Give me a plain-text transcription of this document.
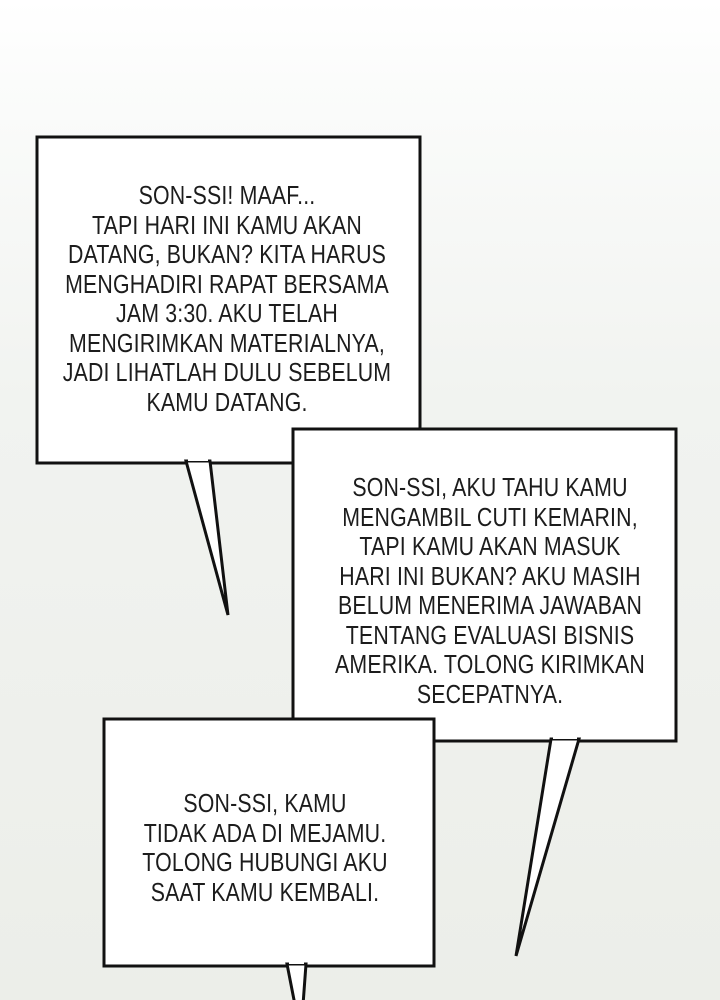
SON-SSI! MAAF...
TAPI HARI INI KAMU AKAN
DATANG, BUKAN? KITA HARUS
MENGHADIRI RAPAT BERSAMA
JAM 3:30. AKU TELAH
MENGIRIMKAN MATERIALNYA,
JADI LIHATLAH DULU SEBELUM
KAMU DATANG.
SON-SSI, AKU TAHU KAMU
MENGAMBIL CUTI KEMARIN,
TAPI KAMU AKAN MASUK
HARI INI BUKAN? AKU MASIH
BELUM MENERIMA JAWABAN
TENTANG EVALUASI BISNIS
AMERIKA. TOLONG KIRIMKAN
SECEPATNYA.
SON-SSI, KAMU
TIDAK ADA DI MEJAMU.
TOLONG HUBUNGI AKU
SAAT KAMU KEMBALI.
